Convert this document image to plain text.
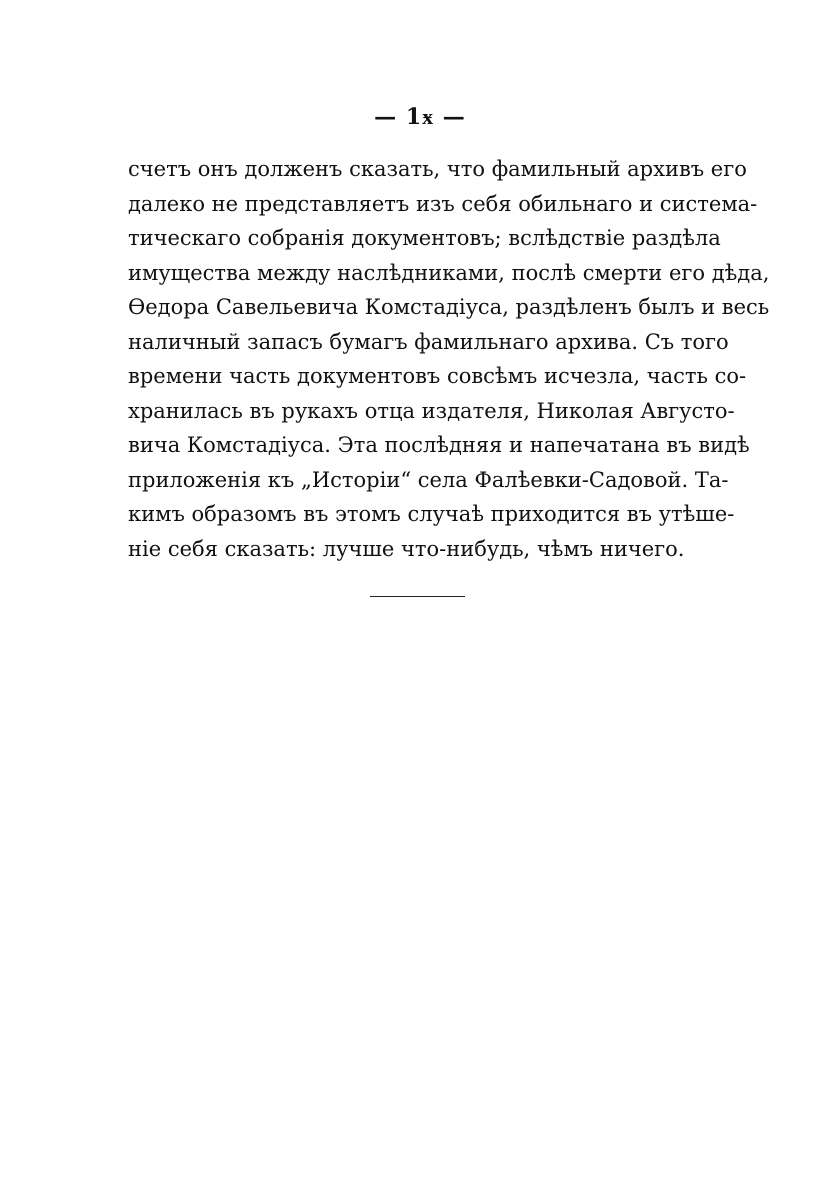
— 1ӿ —
счетъ онъ долженъ сказать, что фамильный архивъ его
далеко не представляетъ изъ себя обильнаго и система-
тическаго собранія документовъ; вслѣдствіе раздѣла
имущества между наслѣдниками, послѣ смерти его дѣда,
Ѳедора Савельевича Комстадіуса, раздѣленъ былъ и весь
наличный запасъ бумагъ фамильнаго архива. Съ того
времени часть документовъ совсѣмъ исчезла, часть со-
хранилась въ рукахъ отца издателя, Николая Августо-
вича Комстадіуса. Эта послѣдняя и напечатана въ видѣ
приложенія къ „Исторіи“ села Фалѣевки-Садовой. Та-
кимъ образомъ въ этомъ случаѣ приходится въ утѣше-
ніе себя сказать: лучше что-нибудь, чѣмъ ничего.
